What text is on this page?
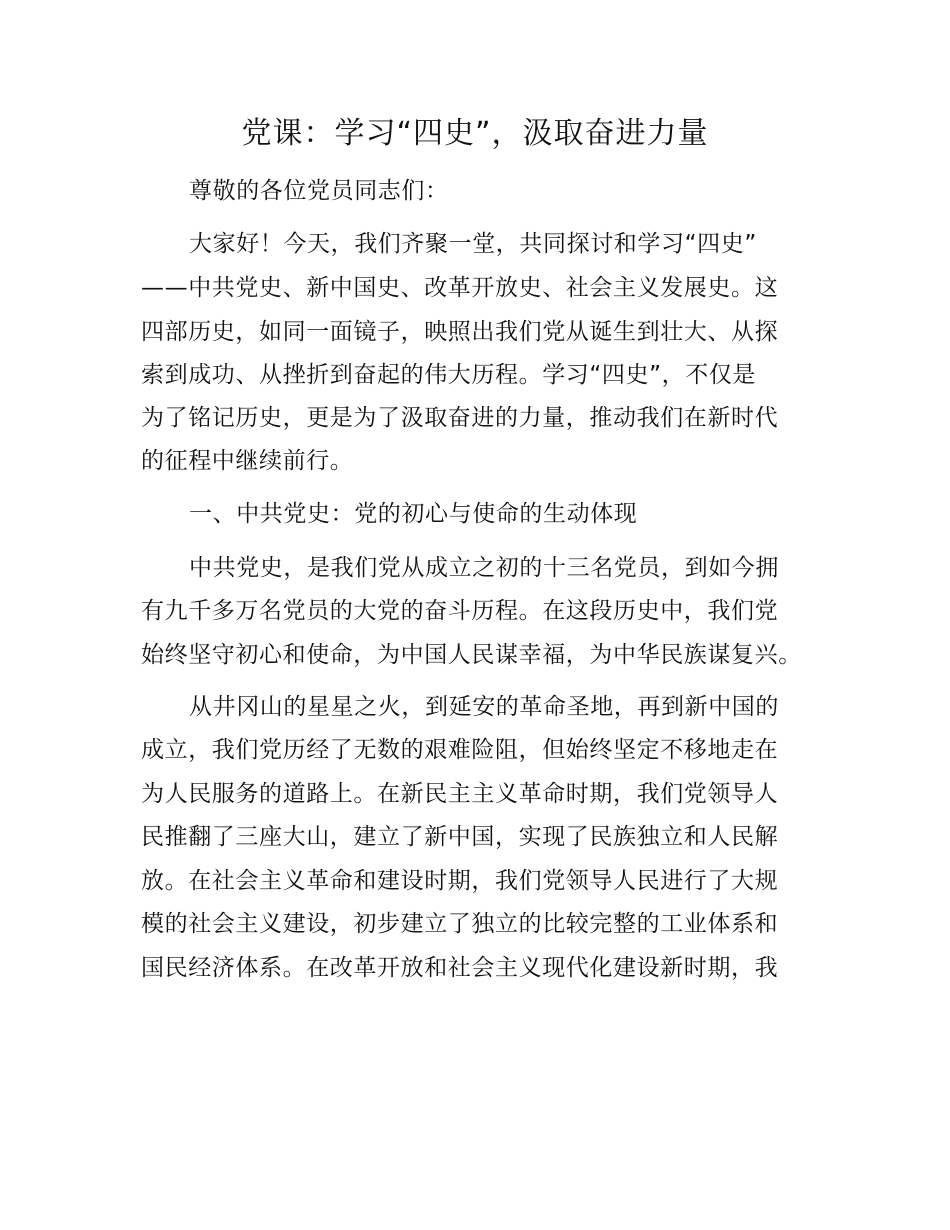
党课：学习“四史”，汲取奋进力量
尊敬的各位党员同志们：
大家好！今天，我们齐聚一堂，共同探讨和学习“四史”
——中共党史、新中国史、改革开放史、社会主义发展史。这
四部历史，如同一面镜子，映照出我们党从诞生到壮大、从探
索到成功、从挫折到奋起的伟大历程。学习“四史”，不仅是
为了铭记历史，更是为了汲取奋进的力量，推动我们在新时代
的征程中继续前行。
一、中共党史：党的初心与使命的生动体现
中共党史，是我们党从成立之初的十三名党员，到如今拥
有九千多万名党员的大党的奋斗历程。在这段历史中，我们党
始终坚守初心和使命，为中国人民谋幸福，为中华民族谋复兴。
从井冈山的星星之火，到延安的革命圣地，再到新中国的
成立，我们党历经了无数的艰难险阻，但始终坚定不移地走在
为人民服务的道路上。在新民主主义革命时期，我们党领导人
民推翻了三座大山，建立了新中国，实现了民族独立和人民解
放。在社会主义革命和建设时期，我们党领导人民进行了大规
模的社会主义建设，初步建立了独立的比较完整的工业体系和
国民经济体系。在改革开放和社会主义现代化建设新时期，我
